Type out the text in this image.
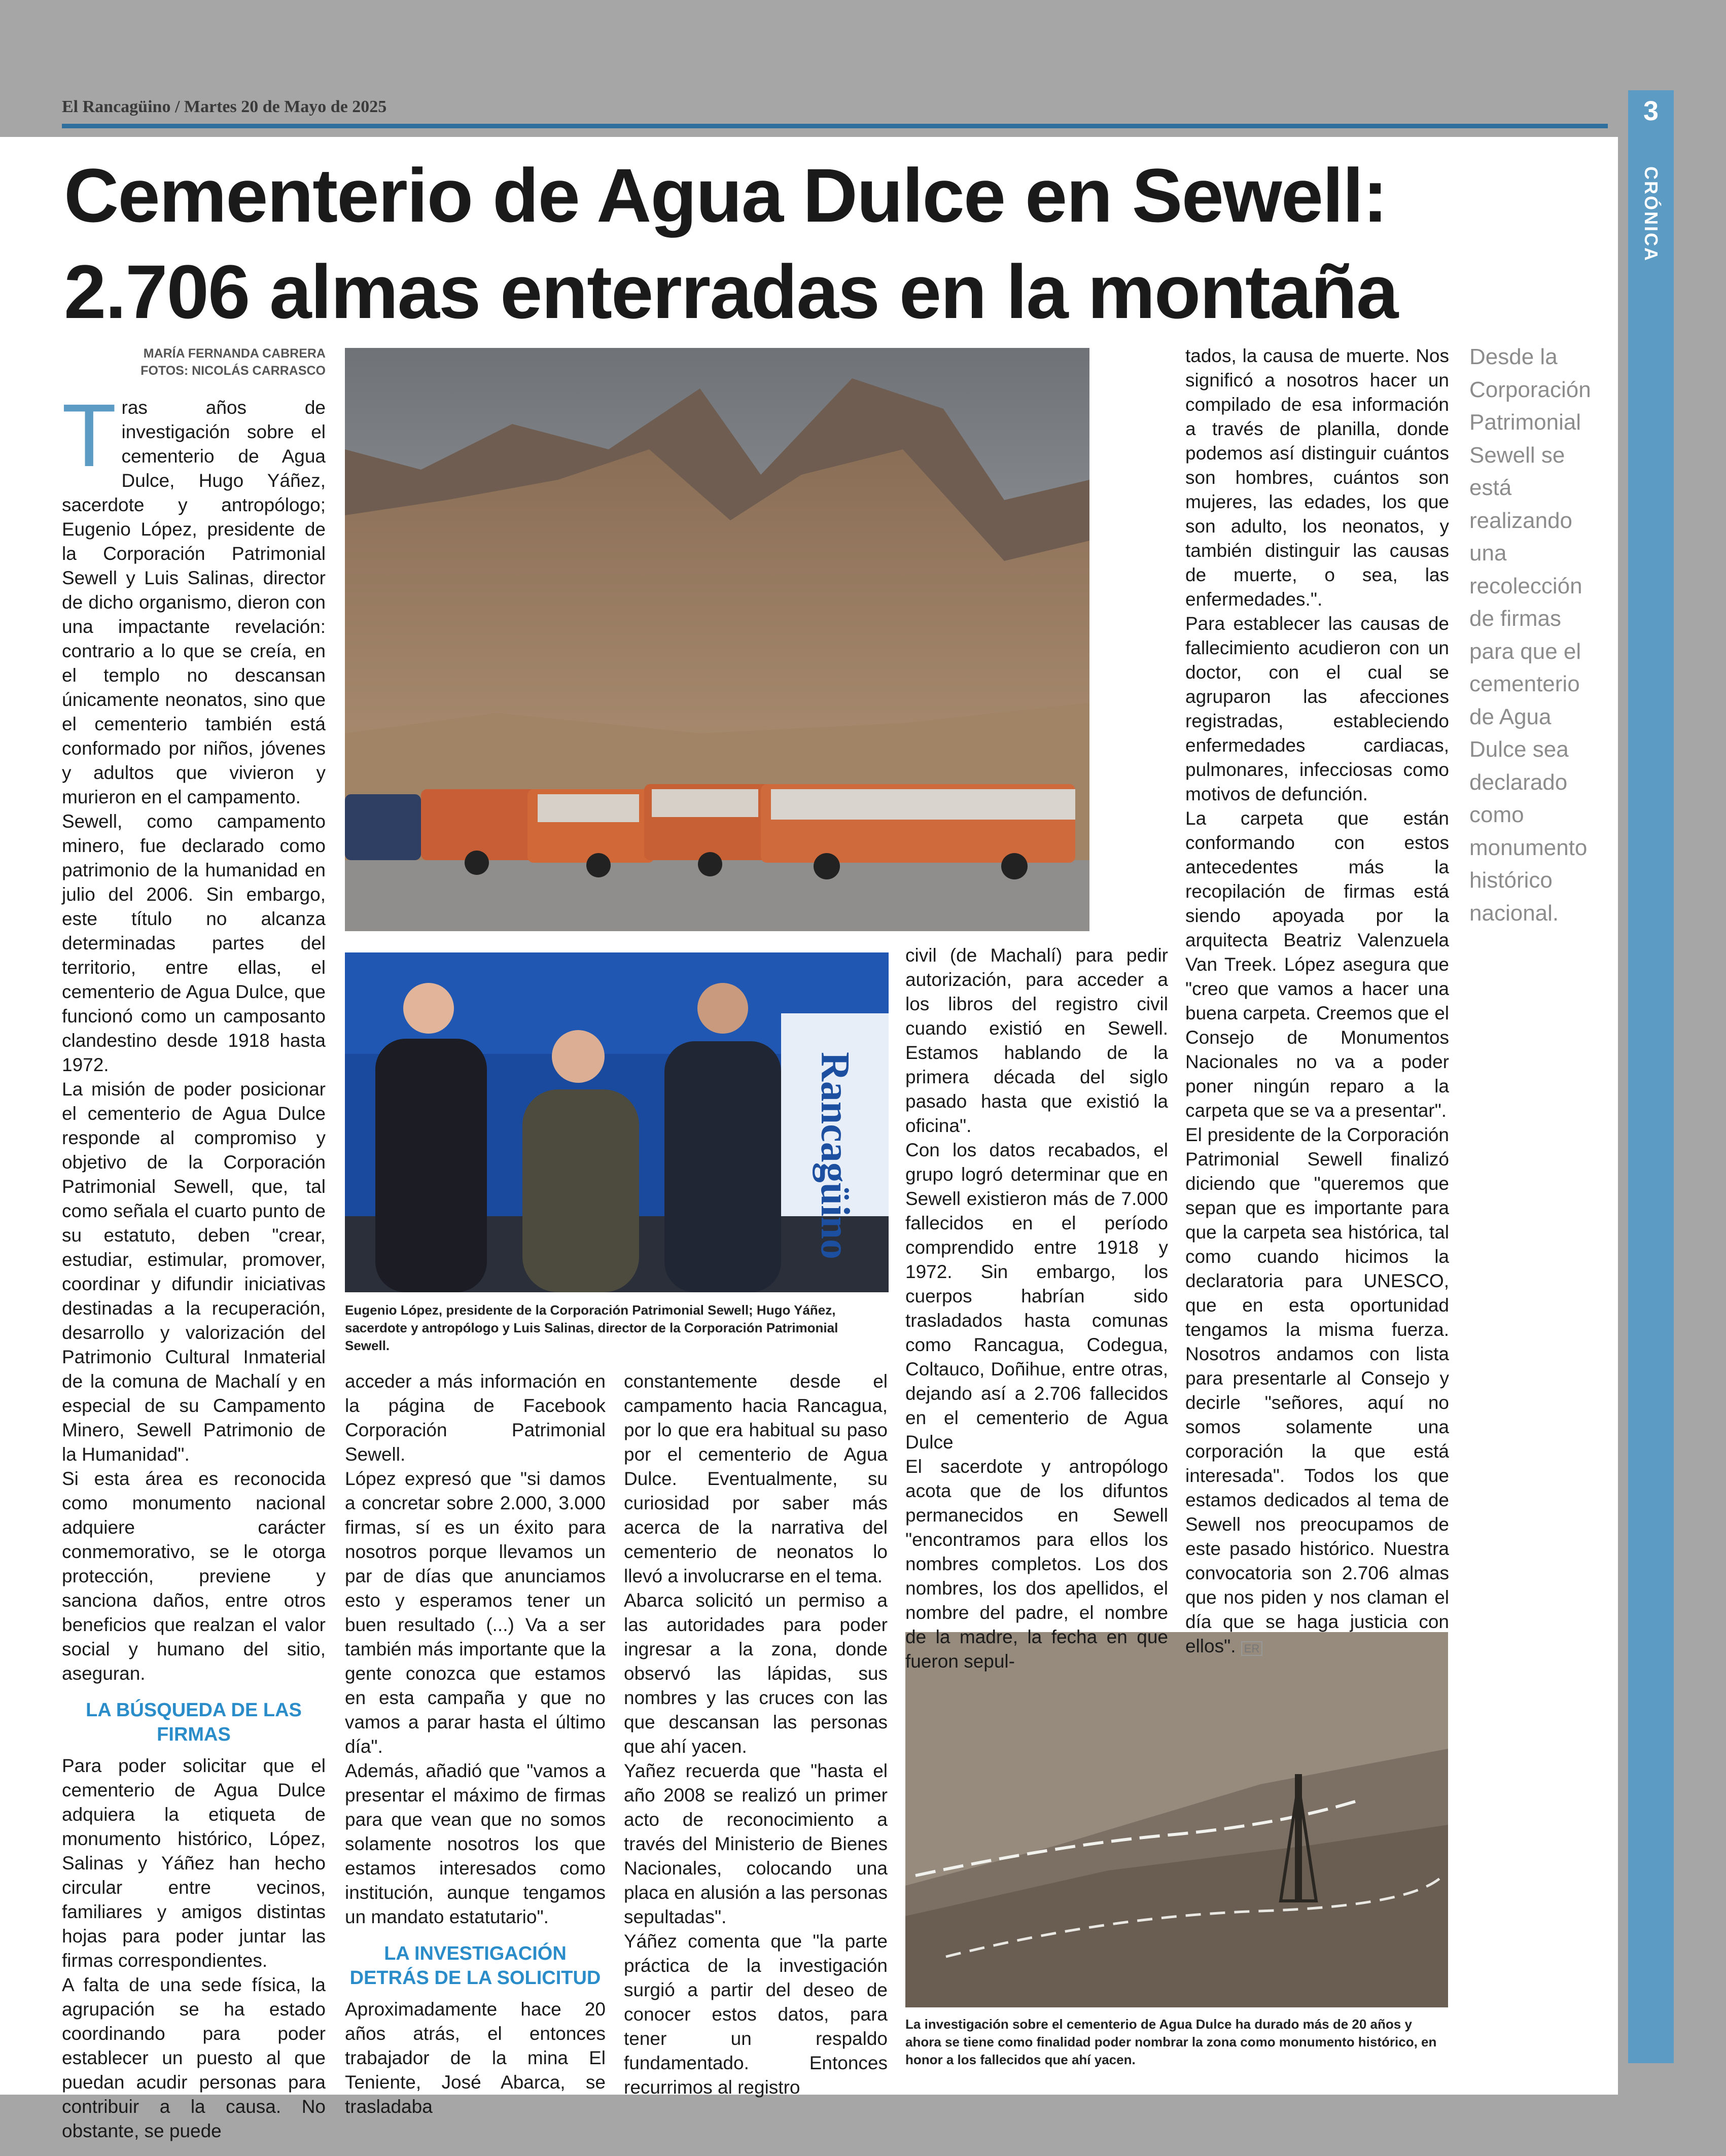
El Rancagüino / Martes 20 de Mayo de 2025	3
CRÓNICA
Cementerio de Agua Dulce en Sewell:
2.706 almas enterradas en la montaña
MARÍA FERNANDA CABRERA
FOTOS: NICOLÁS CARRASCO
Rancagüino
Eugenio López, presidente de la Corporación Patrimonial Sewell; Hugo Yáñez, sacerdote y antropólogo y Luis Salinas, director de la Corporación Patrimonial Sewell.
La investigación sobre el cementerio de Agua Dulce ha durado más de 20 años y ahora se tiene como finalidad poder nombrar la zona como monumento histórico, en honor a los fallecidos que ahí yacen.
Desde la Corporación Patrimonial Sewell se está realizando una recolección de firmas para que el cementerio de Agua Dulce sea declarado como monumento histórico nacional.

Tras años de investigación sobre el cementerio de Agua Dulce, Hugo Yáñez, sacerdote y antropólogo; Eugenio López, presidente de la Corporación Patrimonial Sewell y Luis Salinas, director de dicho organismo, dieron con una impactante revelación: contrario a lo que se creía, en el templo no descansan únicamente neonatos, sino que el cementerio también está conformado por niños, jóvenes y adultos que vivieron y murieron en el campamento.

Sewell, como campamento minero, fue declarado como patrimonio de la humanidad en julio del 2006. Sin embargo, este título no alcanza determinadas partes del territorio, entre ellas, el cementerio de Agua Dulce, que funcionó como un camposanto clandestino desde 1918 hasta 1972.

La misión de poder posicionar el cementerio de Agua Dulce responde al compromiso y objetivo de la Corporación Patrimonial Sewell, que, tal como señala el cuarto punto de su estatuto, deben "crear, estudiar, estimular, promover, coordinar y difundir iniciativas destinadas a la recuperación, desarrollo y valorización del Patrimonio Cultural Inmaterial de la comuna de Machalí y en especial de su Campamento Minero, Sewell Patrimonio de la Humanidad".

Si esta área es reconocida como monumento nacional adquiere carácter conmemorativo, se le otorga protección, previene y sanciona daños, entre otros beneficios que realzan el valor social y humano del sitio, aseguran.

LA BÚSQUEDA DE LAS FIRMAS

Para poder solicitar que el cementerio de Agua Dulce adquiera la etiqueta de monumento histórico, López, Salinas y Yáñez han hecho circular entre vecinos, familiares y amigos distintas hojas para poder juntar las firmas correspondientes.

A falta de una sede física, la agrupación se ha estado coordinando para poder establecer un puesto al que puedan acudir personas para contribuir a la causa. No obstante, se puede

acceder a más información en la página de Facebook Corporación Patrimonial Sewell.

López expresó que "si damos a concretar sobre 2.000, 3.000 firmas, sí es un éxito para nosotros porque llevamos un par de días que anunciamos esto y esperamos tener un buen resultado (...) Va a ser también más importante que la gente conozca que estamos en esta campaña y que no vamos a parar hasta el último día".

Además, añadió que "vamos a presentar el máximo de firmas para que vean que no somos solamente nosotros los que estamos interesados como institución, aunque tengamos un mandato estatutario".

LA INVESTIGACIÓN DETRÁS DE LA SOLICITUD

Aproximadamente hace 20 años atrás, el entonces trabajador de la mina El Teniente, José Abarca, se trasladaba

constantemente desde el campamento hacia Rancagua, por lo que era habitual su paso por el cementerio de Agua Dulce. Eventualmente, su curiosidad por saber más acerca de la narrativa del cementerio de neonatos lo llevó a involucrarse en el tema.

Abarca solicitó un permiso a las autoridades para poder ingresar a la zona, donde observó las lápidas, sus nombres y las cruces con las que descansan las personas que ahí yacen.

Yañez recuerda que "hasta el año 2008 se realizó un primer acto de reconocimiento a través del Ministerio de Bienes Nacionales, colocando una placa en alusión a las personas sepultadas".

Yáñez comenta que "la parte práctica de la investigación surgió a partir del deseo de conocer estos datos, para tener un respaldo fundamentado. Entonces recurrimos al registro

civil (de Machalí) para pedir autorización, para acceder a los libros del registro civil cuando existió en Sewell. Estamos hablando de la primera década del siglo pasado hasta que existió la oficina".

Con los datos recabados, el grupo logró determinar que en Sewell existieron más de 7.000 fallecidos en el período comprendido entre 1918 y 1972. Sin embargo, los cuerpos habrían sido trasladados hasta comunas como Rancagua, Codegua, Coltauco, Doñihue, entre otras, dejando así a 2.706 fallecidos en el cementerio de Agua Dulce

El sacerdote y antropólogo acota que de los difuntos permanecidos en Sewell "encontramos para ellos los nombres completos. Los dos nombres, los dos apellidos, el nombre del padre, el nombre de la madre, la fecha en que fueron sepul-

tados, la causa de muerte. Nos significó a nosotros hacer un compilado de esa información a través de planilla, donde podemos así distinguir cuántos son hombres, cuántos son mujeres, las edades, los que son adulto, los neonatos, y también distinguir las causas de muerte, o sea, las enfermedades.".

Para establecer las causas de fallecimiento acudieron con un doctor, con el cual se agruparon las afecciones registradas, estableciendo enfermedades cardiacas, pulmonares, infecciosas como motivos de defunción.

La carpeta que están conformando con estos antecedentes más la recopilación de firmas está siendo apoyada por la arquitecta Beatriz Valenzuela Van Treek. López asegura que "creo que vamos a hacer una buena carpeta. Creemos que el Consejo de Monumentos Nacionales no va a poder poner ningún reparo a la carpeta que se va a presentar".

El presidente de la Corporación Patrimonial Sewell finalizó diciendo que "queremos que sepan que es importante para que la carpeta sea histórica, tal como cuando hicimos la declaratoria para UNESCO, que en esta oportunidad tengamos la misma fuerza. Nosotros andamos con lista para presentarle al Consejo y decirle "señores, aquí no somos solamente una corporación la que está interesada". Todos los que estamos dedicados al tema de Sewell nos preocupamos de este pasado histórico. Nuestra convocatoria son 2.706 almas que nos piden y nos claman el día que se haga justicia con ellos". ER
